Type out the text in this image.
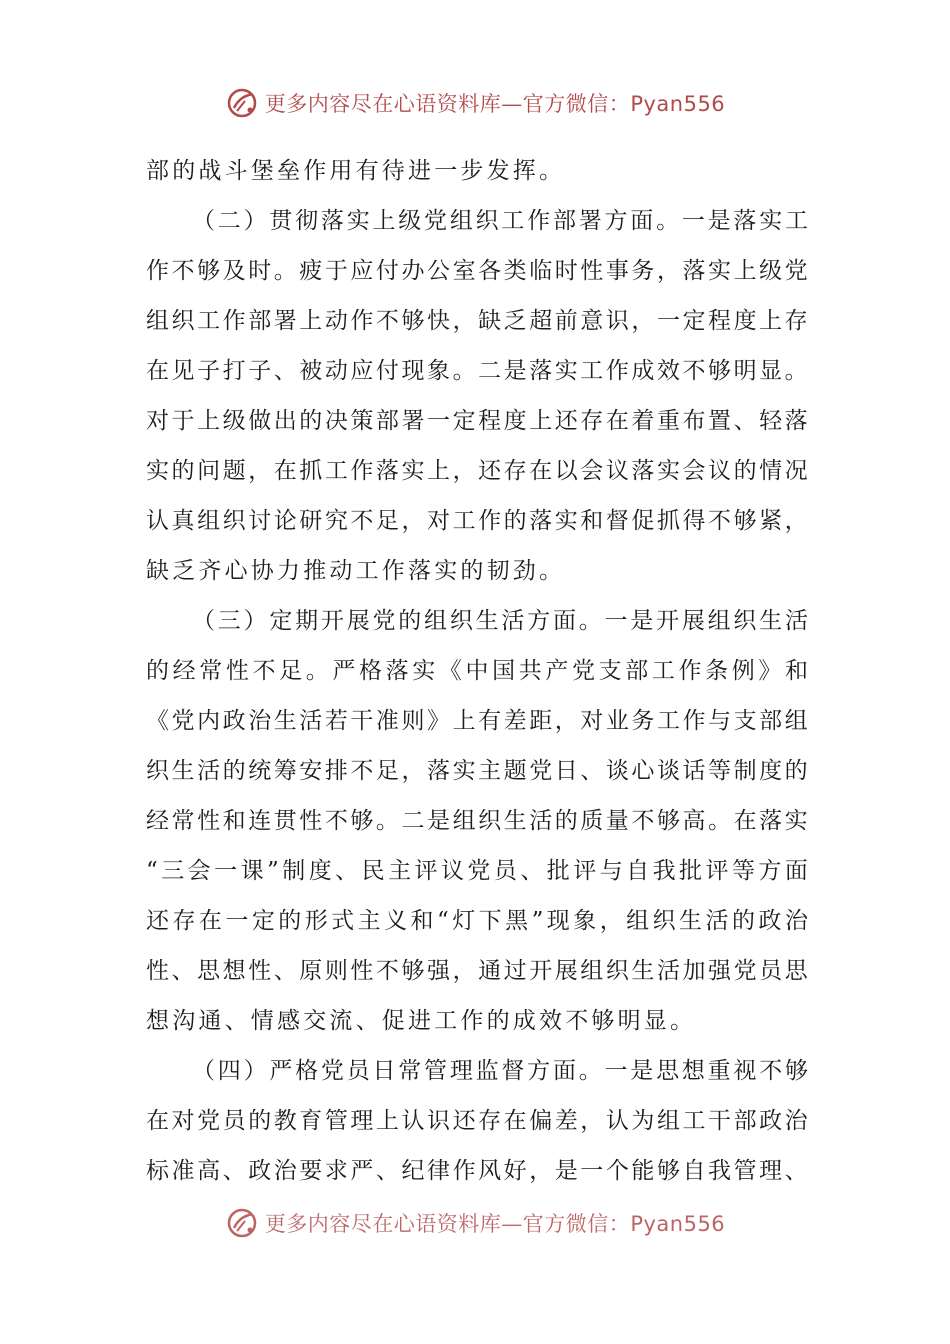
更多内容尽在心语资料库—官方微信：Pyan556
部的战斗堡垒作用有待进一步发挥。
（ 二 ） 贯 彻 落 实 上 级 党 组 织 工 作 部 署 方 面 。 一 是 落 实 工
作 不 够 及 时 。 疲 于 应 付 办 公 室 各 类 临 时 性 事 务 ， 落 实 上 级 党
组 织 工 作 部 署 上 动 作 不 够 快 ， 缺 乏 超 前 意 识 ， 一 定 程 度 上 存
在 见 子 打 子 、 被 动 应 付 现 象 。 二 是 落 实 工 作 成 效 不 够 明 显 。
对 于 上 级 做 出 的 决 策 部 署 一 定 程 度 上 还 存 在 着 重 布 置 、 轻 落
实 的 问 题 ， 在 抓 工 作 落 实 上 ， 还 存 在 以 会 议 落 实 会 议 的 情 况
认 真 组 织 讨 论 研 究 不 足 ， 对 工 作 的 落 实 和 督 促 抓 得 不 够 紧 ，
缺乏齐心协力推动工作落实的韧劲。
（ 三 ） 定 期 开 展 党 的 组 织 生 活 方 面 。 一 是 开 展 组 织 生 活
的 经 常 性 不 足 。 严 格 落 实 《 中 国 共 产 党 支 部 工 作 条 例 》 和
《 党 内 政 治 生 活 若 干 准 则 》 上 有 差 距 ， 对 业 务 工 作 与 支 部 组
织 生 活 的 统 筹 安 排 不 足 ， 落 实 主 题 党 日 、 谈 心 谈 话 等 制 度 的
经 常 性 和 连 贯 性 不 够 。 二 是 组 织 生 活 的 质 量 不 够 高 。 在 落 实
“ 三 会 一 课 ” 制 度 、 民 主 评 议 党 员 、 批 评 与 自 我 批 评 等 方 面
还 存 在 一 定 的 形 式 主 义 和 “ 灯 下 黑 ” 现 象 ， 组 织 生 活 的 政 治
性 、 思 想 性 、 原 则 性 不 够 强 ， 通 过 开 展 组 织 生 活 加 强 党 员 思
想沟通、情感交流、促进工作的成效不够明显。
（ 四 ） 严 格 党 员 日 常 管 理 监 督 方 面 。 一 是 思 想 重 视 不 够
在 对 党 员 的 教 育 管 理 上 认 识 还 存 在 偏 差 ， 认 为 组 工 干 部 政 治
标 准 高 、 政 治 要 求 严 、 纪 律 作 风 好 ， 是 一 个 能 够 自 我 管 理 、
更多内容尽在心语资料库—官方微信：Pyan556
